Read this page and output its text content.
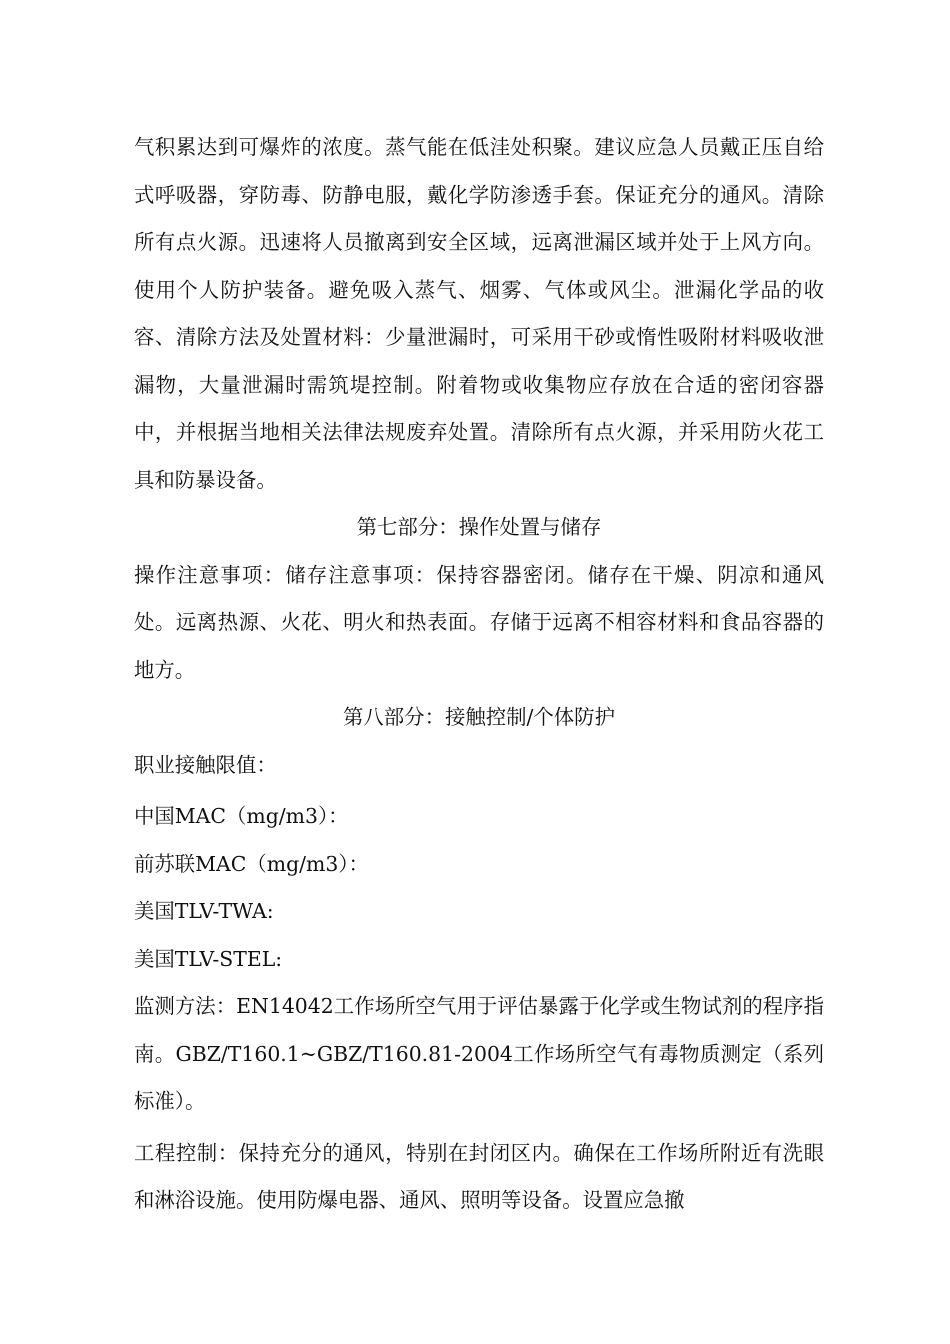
气积累达到可爆炸的浓度。蒸气能在低洼处积聚。建议应急人员戴正压自给式呼吸器，穿防毒、防静电服，戴化学防渗透手套。保证充分的通风。清除所有点火源。迅速将人员撤离到安全区域，远离泄漏区域并处于上风方向。使用个人防护装备。避免吸入蒸气、烟雾、气体或风尘。泄漏化学品的收容、清除方法及处置材料：少量泄漏时，可采用干砂或惰性吸附材料吸收泄漏物，大量泄漏时需筑堤控制。附着物或收集物应存放在合适的密闭容器中，并根据当地相关法律法规废弃处置。清除所有点火源，并采用防火花工具和防暴设备。

第七部分：操作处置与储存

操作注意事项：储存注意事项：保持容器密闭。储存在干燥、阴凉和通风处。远离热源、火花、明火和热表面。存储于远离不相容材料和食品容器的地方。

第八部分：接触控制/个体防护

职业接触限值：

中国MAC（mg/m3）：

前苏联MAC（mg/m3）：

美国TLV-TWA:

美国TLV-STEL:

监测方法：EN14042工作场所空气用于评估暴露于化学或生物试剂的程序指南。GBZ/T160.1~GBZ/T160.81-2004工作场所空气有毒物质测定（系列标准）。

工程控制：保持充分的通风，特别在封闭区内。确保在工作场所附近有洗眼和淋浴设施。使用防爆电器、通风、照明等设备。设置应急撤
